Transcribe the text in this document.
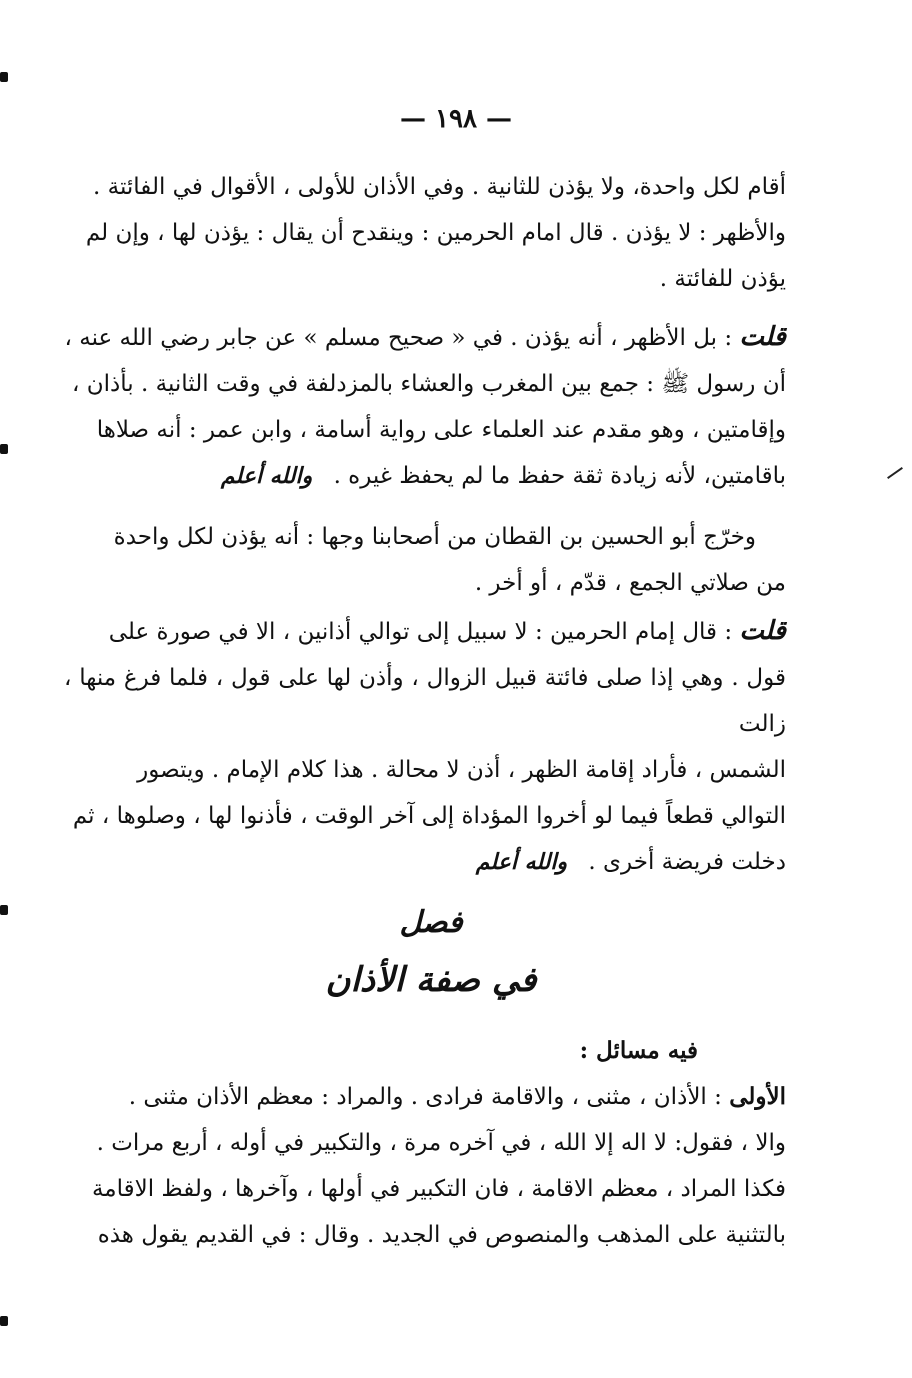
— ١٩٨ —

أقام لكل واحدة، ولا يؤذن للثانية . وفي الأذان للأولى ، الأقوال في الفائتة .

والأظهر : لا يؤذن . قال امام الحرمين : وينقدح أن يقال : يؤذن لها ، وإن لم

يؤذن للفائتة .

قلت : بل الأظهر ، أنه يؤذن . في « صحيح مسلم » عن جابر رضي الله عنه ،

أن رسول ﷺ : جمع بين المغرب والعشاء بالمزدلفة في وقت الثانية . بأذان ،

وإقامتين ، وهو مقدم عند العلماء على رواية أسامة ، وابن عمر : أنه صلاها

باقامتين، لأنه زيادة ثقة حفظ ما لم يحفظ غيره . والله أعلم

وخرّج أبو الحسين بن القطان من أصحابنا وجها : أنه يؤذن لكل واحدة

من صلاتي الجمع ، قدّم ، أو أخر .

قلت : قال إمام الحرمين : لا سبيل إلى توالي أذانين ، الا في صورة على

قول . وهي إذا صلى فائتة قبيل الزوال ، وأذن لها على قول ، فلما فرغ منها ، زالت

الشمس ، فأراد إقامة الظهر ، أذن لا محالة . هذا كلام الإمام . ويتصور

التوالي قطعاً فيما لو أخروا المؤداة إلى آخر الوقت ، فأذنوا لها ، وصلوها ، ثم

دخلت فريضة أخرى . والله أعلم

فصل
في صفة الأذان

فيه مسائل :

الأولى : الأذان ، مثنى ، والاقامة فرادى . والمراد : معظم الأذان مثنى .

والا ، فقول: لا اله إلا الله ، في آخره مرة ، والتكبير في أوله ، أربع مرات .

فكذا المراد ، معظم الاقامة ، فان التكبير في أولها ، وآخرها ، ولفظ الاقامة

بالتثنية على المذهب والمنصوص في الجديد . وقال : في القديم يقول هذه
